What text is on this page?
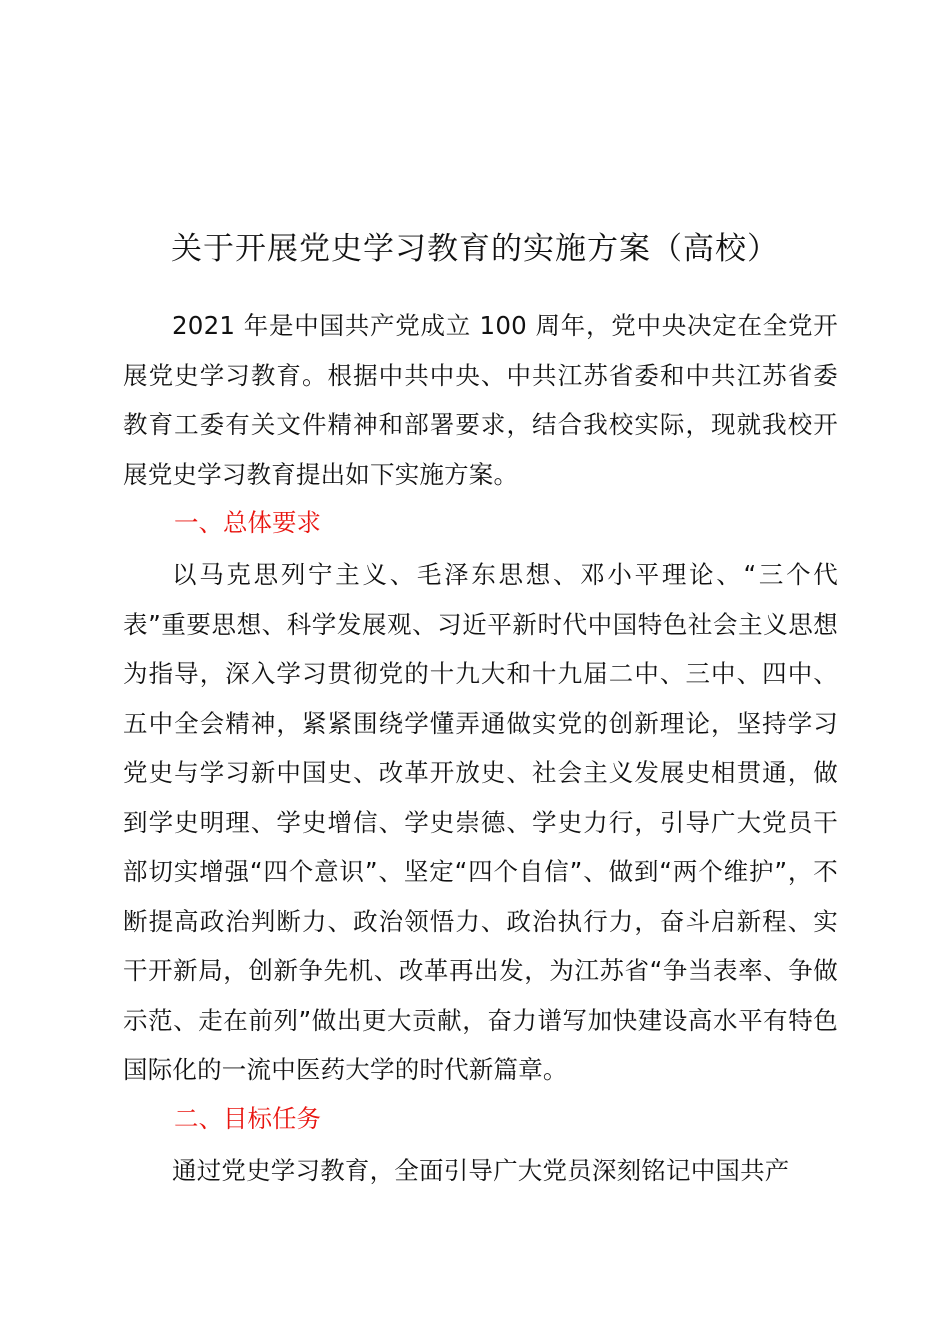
关于开展党史学习教育的实施方案（高校）

2021 年是中国共产党成立 100 周年，党中央决定在全党开展党史学习教育。根据中共中央、中共江苏省委和中共江苏省委教育工委有关文件精神和部署要求，结合我校实际，现就我校开展党史学习教育提出如下实施方案。

一、总体要求

以马克思列宁主义、毛泽东思想、邓小平理论、“三个代表”重要思想、科学发展观、习近平新时代中国特色社会主义思想为指导，深入学习贯彻党的十九大和十九届二中、三中、四中、五中全会精神，紧紧围绕学懂弄通做实党的创新理论，坚持学习党史与学习新中国史、改革开放史、社会主义发展史相贯通，做到学史明理、学史增信、学史崇德、学史力行，引导广大党员干部切实增强“四个意识”、坚定“四个自信”、做到“两个维护”，不断提高政治判断力、政治领悟力、政治执行力，奋斗启新程、实干开新局，创新争先机、改革再出发，为江苏省“争当表率、争做示范、走在前列”做出更大贡献，奋力谱写加快建设高水平有特色国际化的一流中医药大学的时代新篇章。

二、目标任务

通过党史学习教育，全面引导广大党员深刻铭记中国共产
